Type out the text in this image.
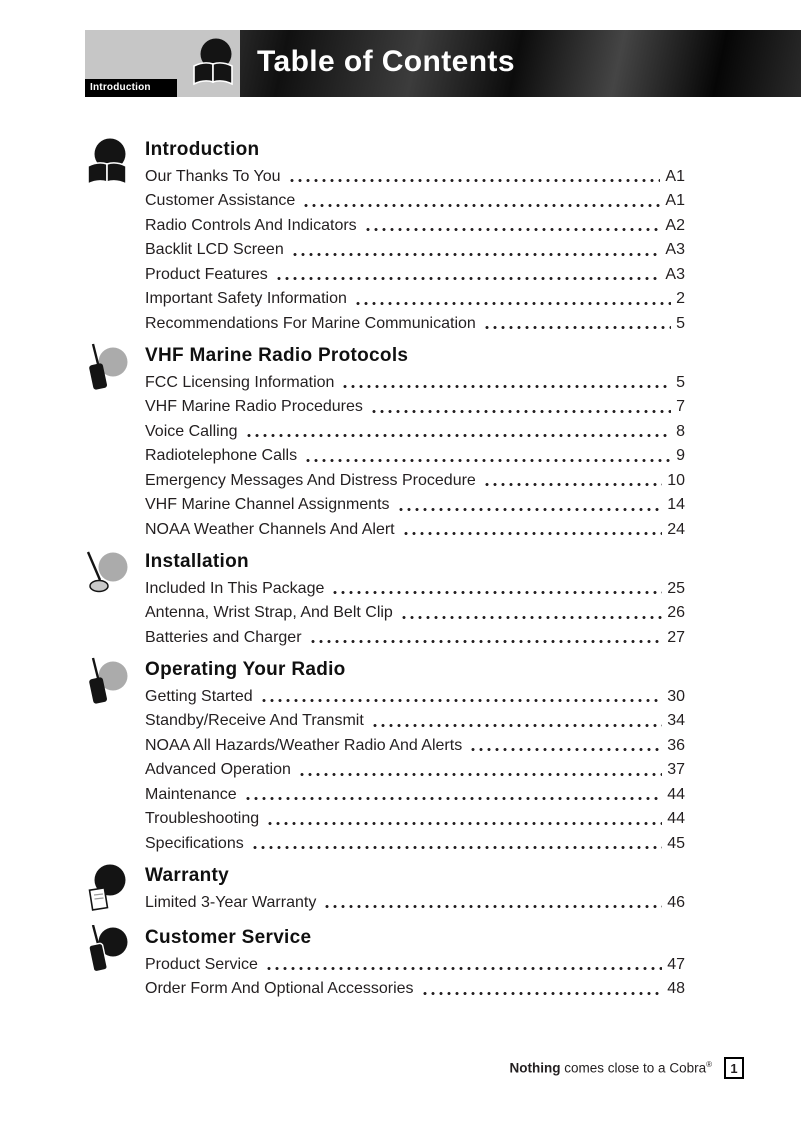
Introduction
Table of Contents
Introduction
Our Thanks To You	A1
Customer Assistance	A1
Radio Controls And Indicators	A2
Backlit LCD Screen	A3
Product Features	A3
Important Safety Information	2
Recommendations For Marine Communication	5
VHF Marine Radio Protocols
FCC Licensing Information	5
VHF Marine Radio Procedures	7
Voice Calling	8
Radiotelephone Calls	9
Emergency Messages And Distress Procedure	10
VHF Marine Channel Assignments	14
NOAA Weather Channels And Alert	24
Installation
Included In This Package	25
Antenna, Wrist Strap, And Belt Clip	26
Batteries and Charger	27
Operating Your Radio
Getting Started	30
Standby/Receive And Transmit	34
NOAA All Hazards/Weather Radio And Alerts	36
Advanced Operation	37
Maintenance	44
Troubleshooting	44
Specifications	45
Warranty
Limited 3-Year Warranty	46
Customer Service
Product Service	47
Order Form And Optional Accessories	48
Nothing comes close to a Cobra®	1
